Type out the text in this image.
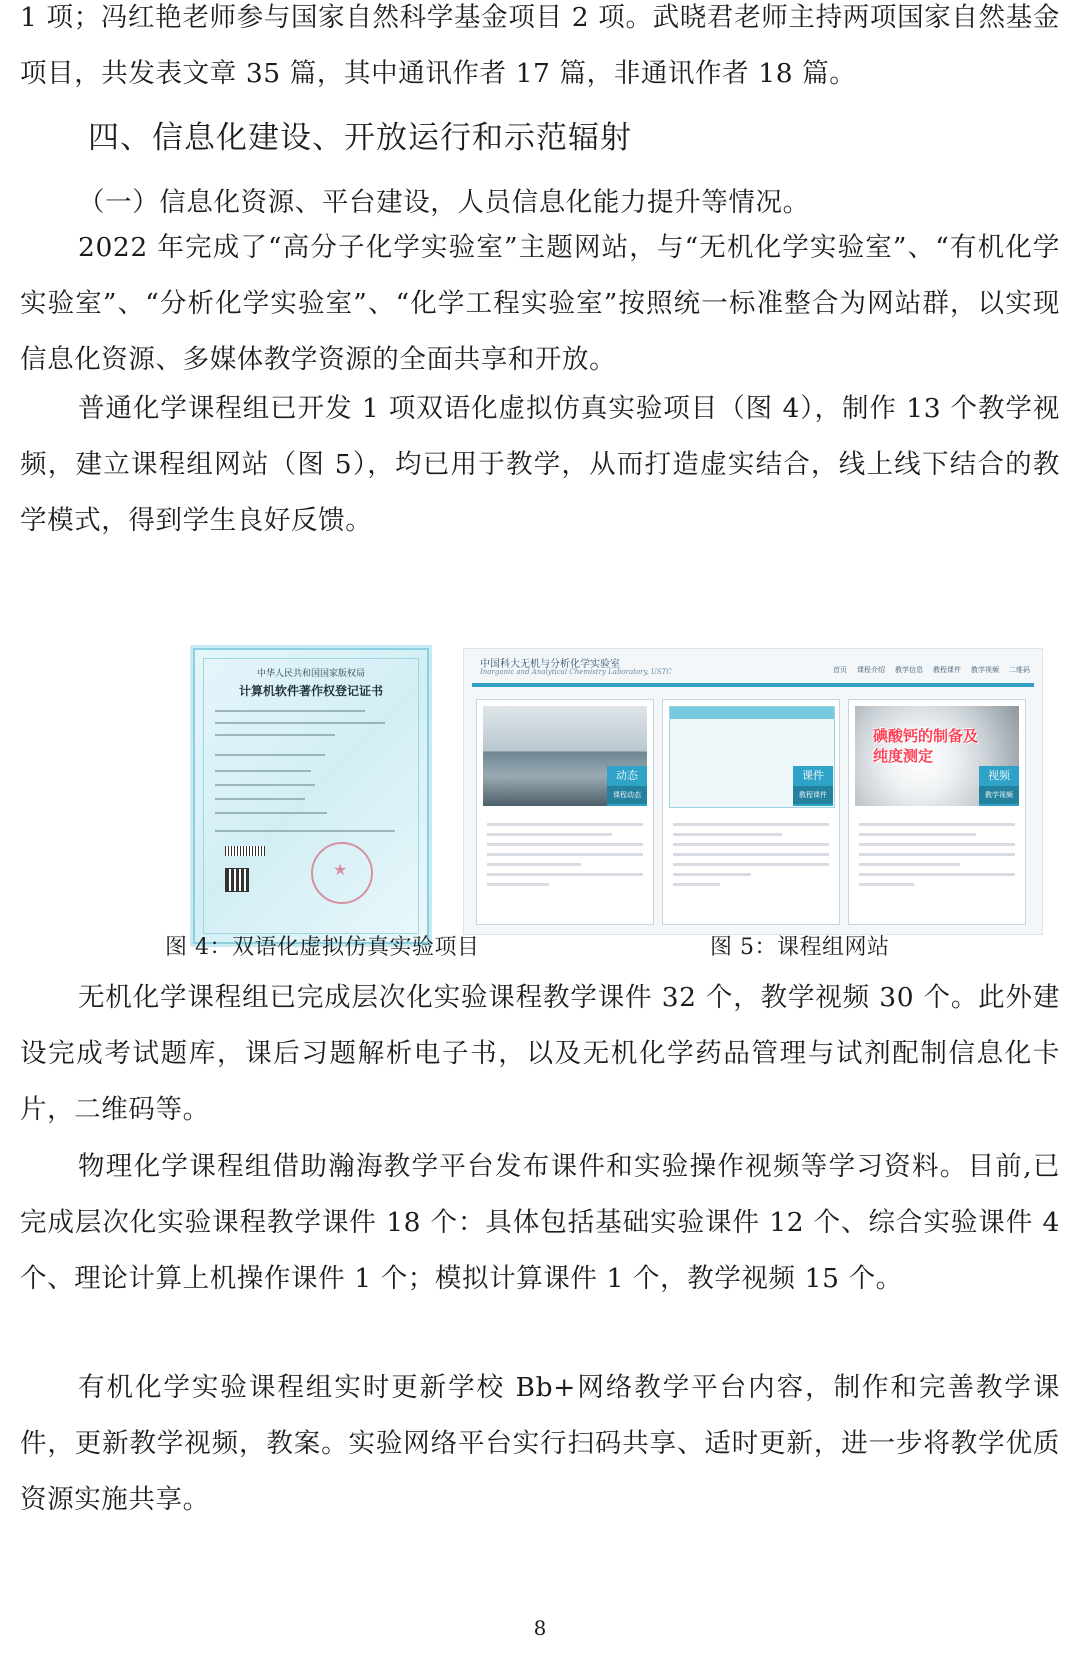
1 项；冯红艳老师参与国家自然科学基金项目 2 项。武晓君老师主持两项国家自然基金项目，共发表文章 35 篇，其中通讯作者 17 篇，非通讯作者 18 篇。

四、信息化建设、开放运行和示范辐射

（一）信息化资源、平台建设，人员信息化能力提升等情况。

2022 年完成了“高分子化学实验室”主题网站，与“无机化学实验室”、“有机化学实验室”、“分析化学实验室”、“化学工程实验室”按照统一标准整合为网站群，以实现信息化资源、多媒体教学资源的全面共享和开放。

普通化学课程组已开发 1 项双语化虚拟仿真实验项目（图 4），制作 13 个教学视频，建立课程组网站（图 5），均已用于教学，从而打造虚实结合，线上线下结合的教学模式，得到学生良好反馈。

中华人民共和国国家版权局
计算机软件著作权登记证书
★
中国科大无机与分析化学实验室
Inorganic and Analytical Chemistry Laboratory, USTC	首页 课程介绍 教学信息 教程课件 教学视频 二维码
动态
课程动态
课件
教程课件
碘酸钙的制备及纯度测定
视频
教学视频

图 4：双语化虚拟仿真实验项目	图 5：课程组网站

无机化学课程组已完成层次化实验课程教学课件 32 个，教学视频 30 个。此外建设完成考试题库，课后习题解析电子书，以及无机化学药品管理与试剂配制信息化卡片，二维码等。

物理化学课程组借助瀚海教学平台发布课件和实验操作视频等学习资料。目前,已完成层次化实验课程教学课件 18 个：具体包括基础实验课件 12 个、综合实验课件 4 个、理论计算上机操作课件 1 个；模拟计算课件 1 个，教学视频 15 个。

有机化学实验课程组实时更新学校 Bb+网络教学平台内容，制作和完善教学课件，更新教学视频，教案。实验网络平台实行扫码共享、适时更新，进一步将教学优质资源实施共享。

8
